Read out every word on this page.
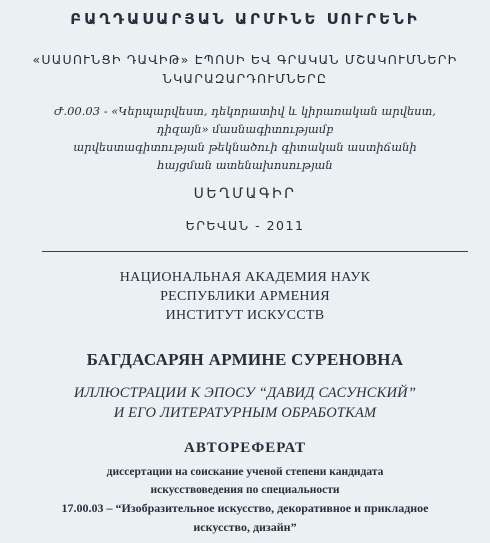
ԲԱՂԴԱՍԱՐՅԱՆ ԱՐՄԻՆԵ ՍՈՒՐԵՆԻ
«ՍԱՍՈՒՆՑԻ ԴԱՎԻԹ» ԷՊՈՍԻ ԵՎ ԳՐԱԿԱՆ ՄՇԱԿՈՒՄՆԵՐԻ
ՆԿԱՐԱԶԱՐԴՈՒՄՆԵՐԸ
Ժ.00.03 - «Կերպարվեստ, դեկորատիվ և կիրառական արվեստ,
դիզայն» մասնագիտությամբ
արվեստագիտության թեկնածուի գիտական աստիճանի
հայցման ատենախոսության
ՍԵՂՄԱԳԻՐ
ԵՐԵՎԱՆ - 2011
НАЦИОНАЛЬНАЯ АКАДЕМИЯ НАУК
РЕСПУБЛИКИ АРМЕНИЯ
ИНСТИТУТ ИСКУССТВ
БАГДАСАРЯН АРМИНЕ СУРЕНОВНА
ИЛЛЮСТРАЦИИ К ЭПОСУ “ДАВИД САСУНСКИЙ”
И ЕГО ЛИТЕРАТУРНЫМ ОБРАБОТКАМ
АВТОРЕФЕРАТ
диссертации на соискание ученой степени кандидата
искусствоведения по специальности
17.00.03 – “Изобразительное искусство, декоративное и прикладное
искусство, дизайн”
